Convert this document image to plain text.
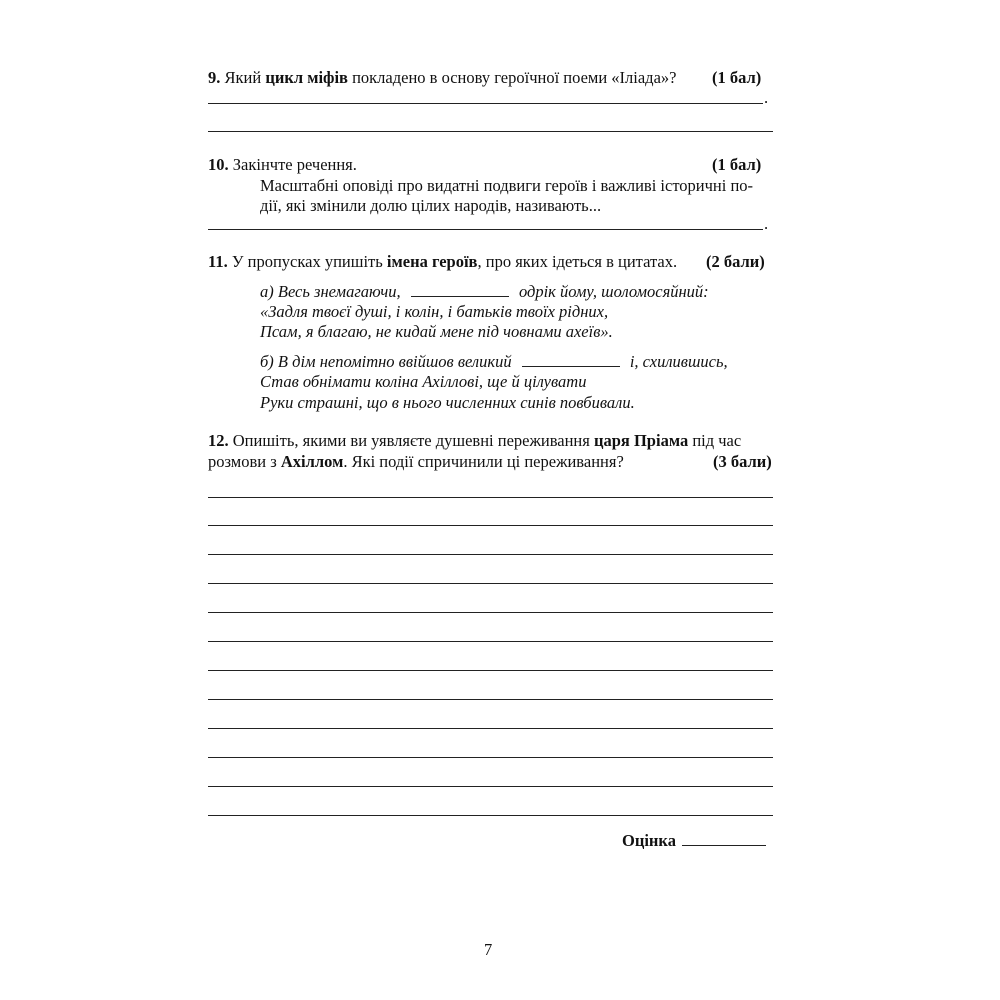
9. Який цикл міфів покладено в основу героїчної поеми «Іліада»? (1 бал)
.
10. Закінчте речення.	(1 бал)
Масштабні оповіді про видатні подвиги героїв і важливі історичні по-
дії, які змінили долю цілих народів, називають...
.
11. У пропусках упишіть імена героїв, про яких ідеться в цитатах. (2 бали)
а) Весь знемагаючи,	одрік йому, шоломосяйний:
«Задля твоєї душі, і колін, і батьків твоїх рідних,
Псам, я благаю, не кидай мене під човнами ахеїв».
б) В дім непомітно ввійшов великий	і, схилившись,
Став обнімати коліна Ахіллові, ще й цілувати
Руки страшні, що в нього численних синів повбивали.
12. Опишіть, якими ви уявляєте душевні переживання царя Пріама під час
розмови з Ахіллом. Які події спричинили ці переживання?	(3 бали)
Оцінка
7
